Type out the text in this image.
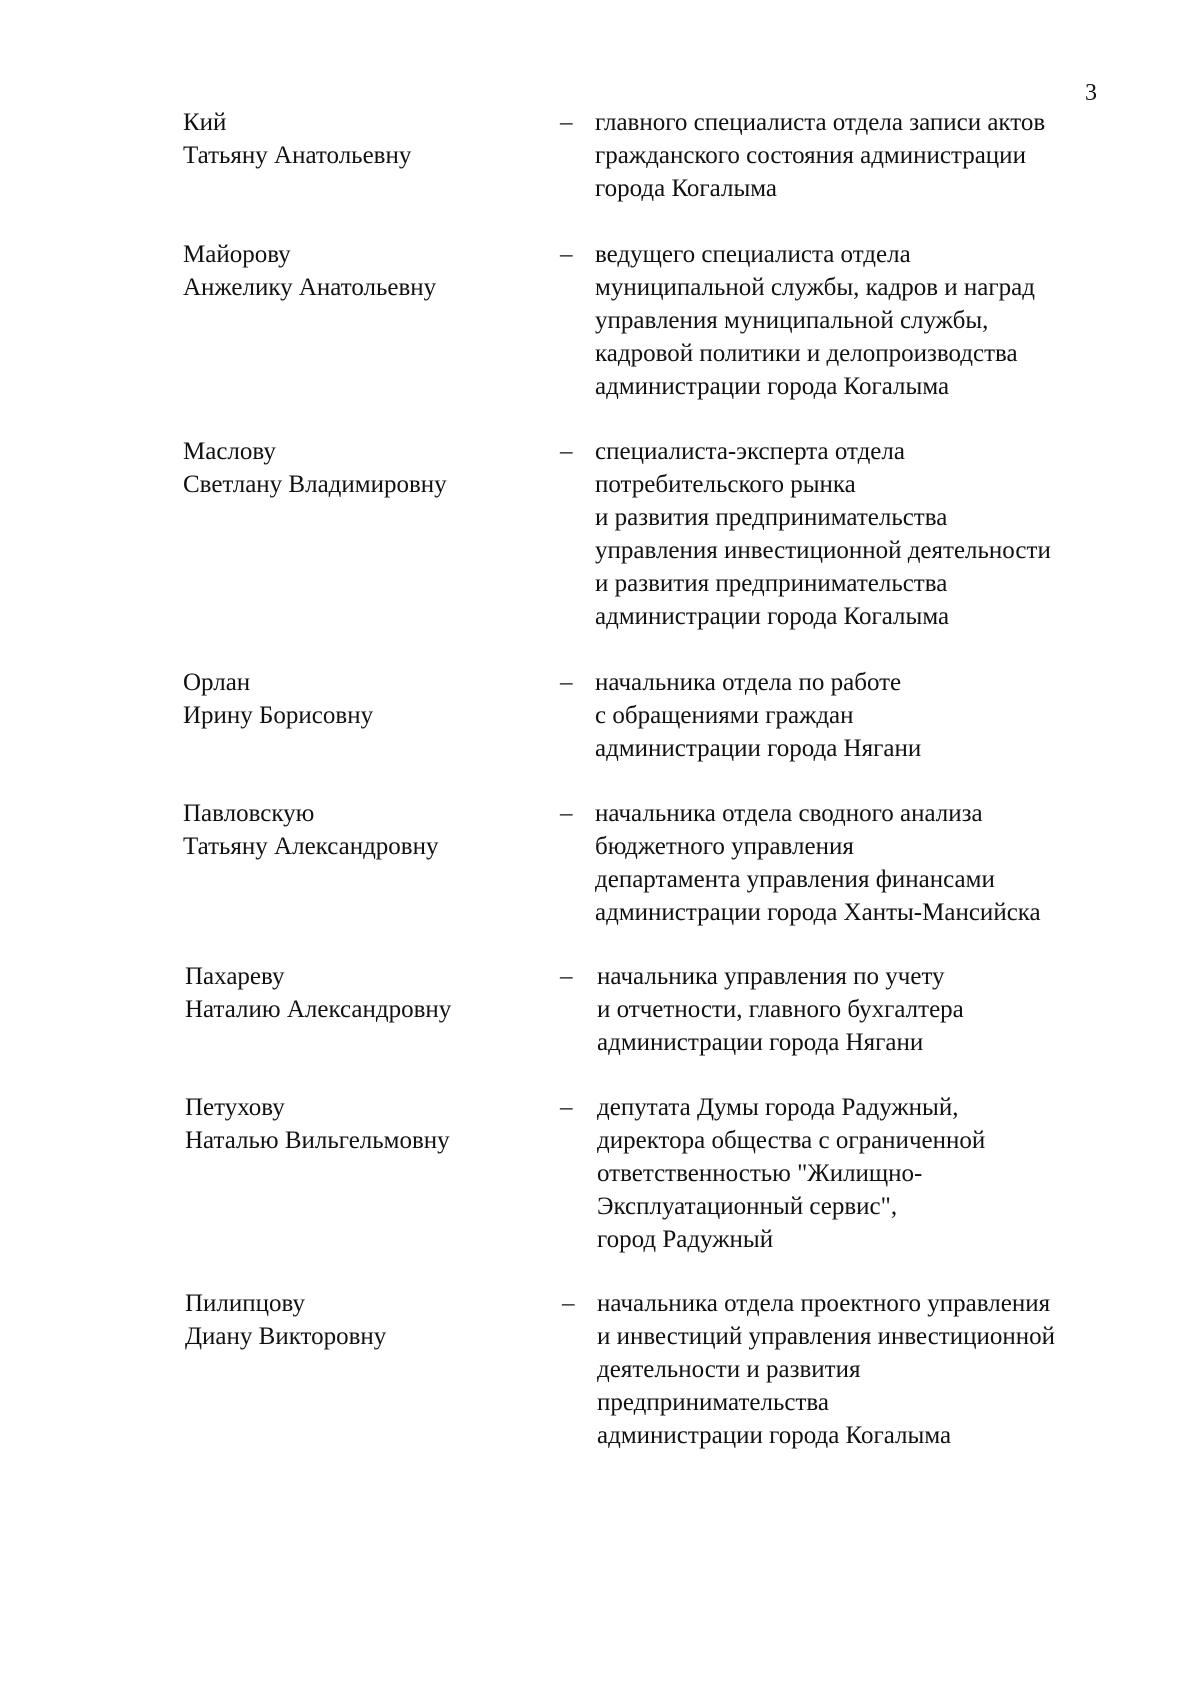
3
Кий
Татьяну Анатольевну
– главного специалиста отдела записи актов
гражданского состояния администрации
города Когалыма
Майорову
Анжелику Анатольевну
– ведущего специалиста отдела
муниципальной службы, кадров и наград
управления муниципальной службы,
кадровой политики и делопроизводства
администрации города Когалыма
Маслову
Светлану Владимировну
– специалиста-эксперта отдела
потребительского рынка
и развития предпринимательства
управления инвестиционной деятельности
и развития предпринимательства
администрации города Когалыма
Орлан
Ирину Борисовну
– начальника отдела по работе
с обращениями граждан
администрации города Нягани
Павловскую
Татьяну Александровну
– начальника отдела сводного анализа
бюджетного управления
департамента управления финансами
администрации города Ханты-Мансийска
Пахареву
Наталию Александровну
– начальника управления по учету
и отчетности, главного бухгалтера
администрации города Нягани
Петухову
Наталью Вильгельмовну
– депутата Думы города Радужный,
директора общества с ограниченной
ответственностью "Жилищно-
Эксплуатационный сервис",
город Радужный
Пилипцову
Диану Викторовну
– начальника отдела проектного управления
и инвестиций управления инвестиционной
деятельности и развития
предпринимательства
администрации города Когалыма
